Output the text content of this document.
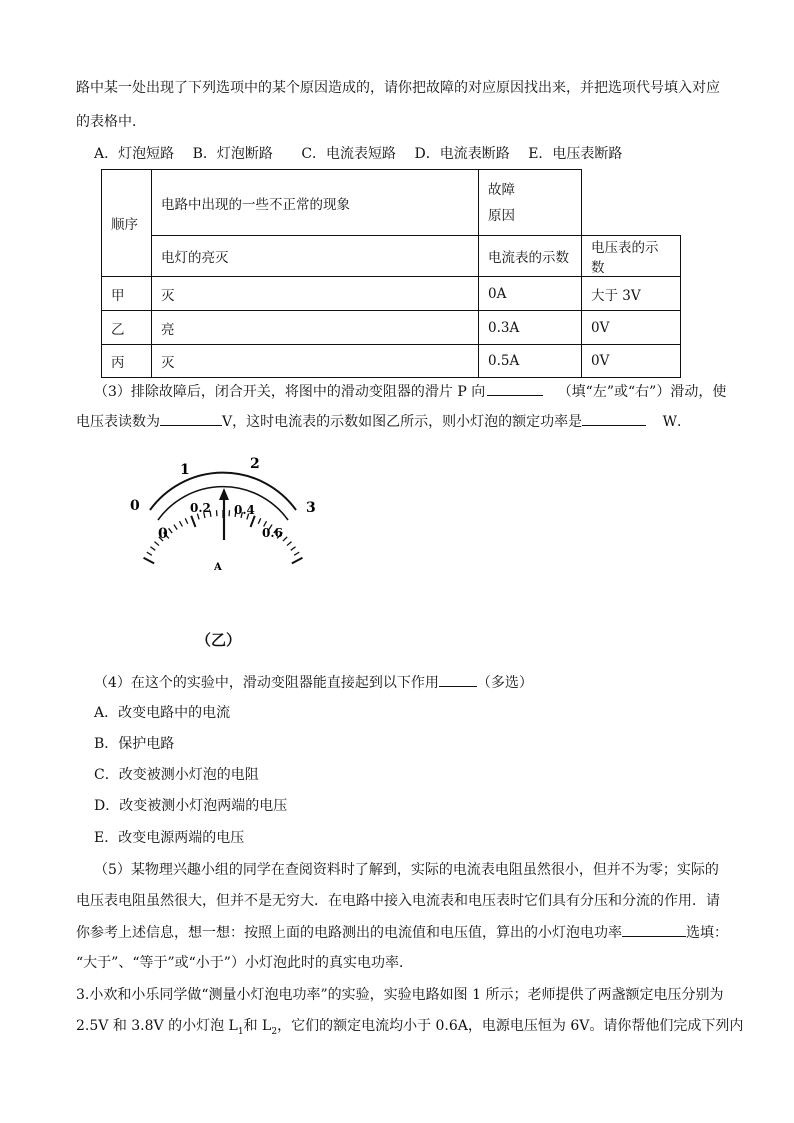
路中某一处出现了下列选项中的某个原因造成的，请你把故障的对应原因找出来，并把选项代号填入对应
的表格中．
A．灯泡短路 B．灯泡断路 C．电流表短路 D．电流表断路 E．电压表断路
顺序	电路中出现的一些不正常的现象	故障
原因	

	电灯的亮灭	电流表的示数	电压表的示数
甲	灭	0A	大于 3V
乙	亮	0.3A	0V
丙	灭	0.5A	0V
（3）排除故障后，闭合开关，将图中的滑动变阻器的滑片 P 向	（填“左”或“右”）滑动，使
电压表读数为	V，这时电流表的示数如图乙所示，则小灯泡的额定功率是	W．
0
1	2
3
0
0.2 0.4
0.6
A
（乙）
（4）在这个的实验中，滑动变阻器能直接起到以下作用	（多选）
A．改变电路中的电流
B．保护电路
C．改变被测小灯泡的电阻
D．改变被测小灯泡两端的电压
E．改变电源两端的电压
（5）某物理兴趣小组的同学在查阅资料时了解到，实际的电流表电阻虽然很小，但并不为零；实际的
电压表电阻虽然很大，但并不是无穷大．在电路中接入电流表和电压表时它们具有分压和分流的作用．请
你参考上述信息，想一想：按照上面的电路测出的电流值和电压值，算出的小灯泡电功率	选填：
“大于”、“等于”或“小于”）小灯泡此时的真实电功率．
3.小欢和小乐同学做“测量小灯泡电功率”的实验，实验电路如图 1 所示；老师提供了两盏额定电压分别为
2.5V 和 3.8V 的小灯泡 $L_1$和 $L_2$，它们的额定电流均小于 0.6A，电源电压恒为 6V。请你帮他们完成下列内
